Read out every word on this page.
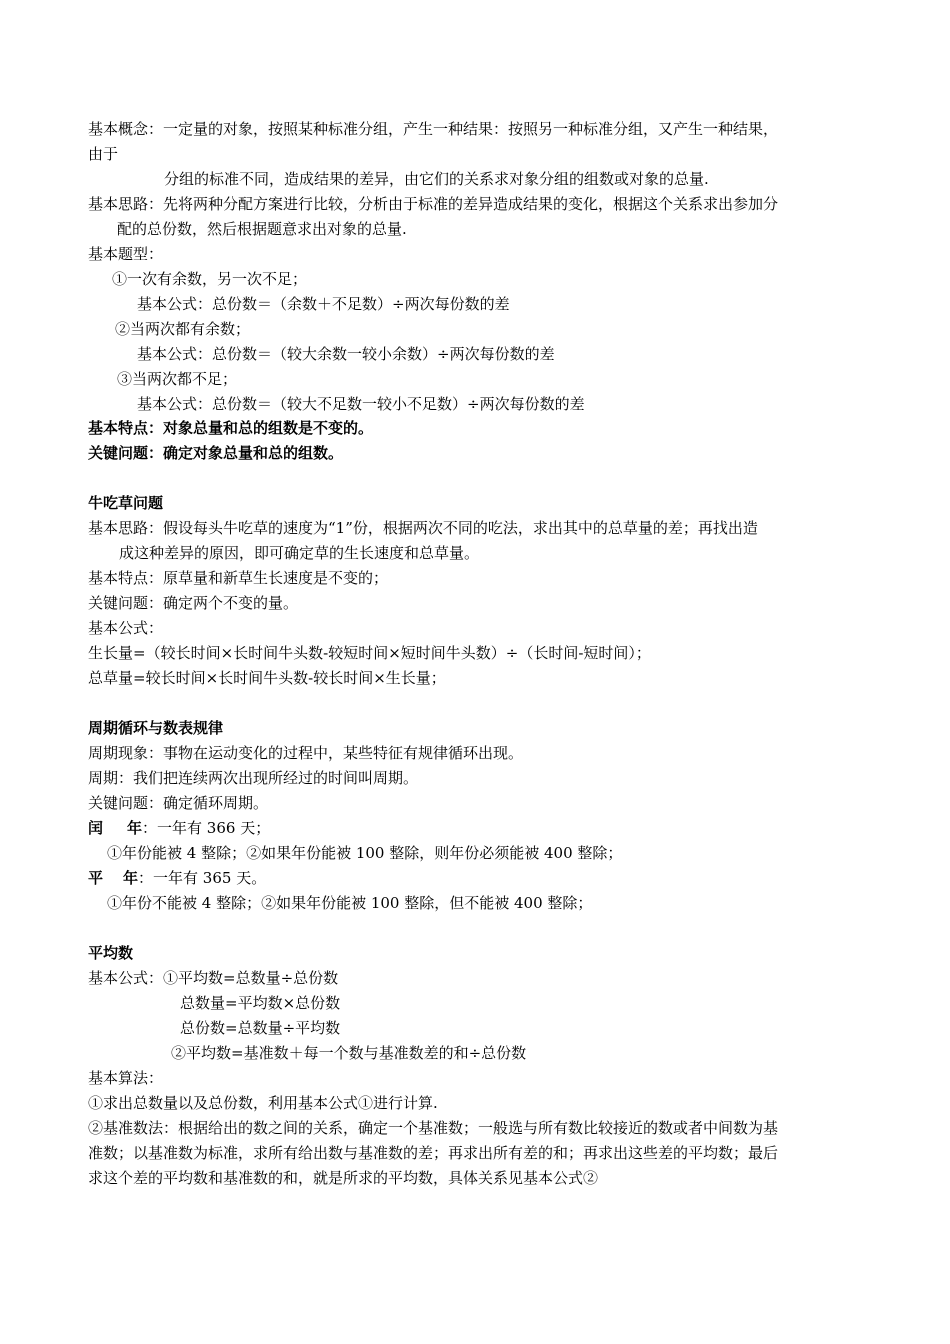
基本概念：一定量的对象，按照某种标准分组，产生一种结果：按照另一种标准分组，又产生一种结果，
由于
分组的标准不同，造成结果的差异，由它们的关系求对象分组的组数或对象的总量.
基本思路：先将两种分配方案进行比较，分析由于标准的差异造成结果的变化，根据这个关系求出参加分
配的总份数，然后根据题意求出对象的总量.
基本题型：
①一次有余数，另一次不足；
基本公式：总份数＝（余数＋不足数）÷两次每份数的差
②当两次都有余数；
基本公式：总份数＝（较大余数一较小余数）÷两次每份数的差
③当两次都不足；
基本公式：总份数＝（较大不足数一较小不足数）÷两次每份数的差
基本特点：对象总量和总的组数是不变的。
关键问题：确定对象总量和总的组数。
牛吃草问题
基本思路：假设每头牛吃草的速度为“1”份，根据两次不同的吃法，求出其中的总草量的差；再找出造
成这种差异的原因，即可确定草的生长速度和总草量。
基本特点：原草量和新草生长速度是不变的；
关键问题：确定两个不变的量。
基本公式：
生长量=（较长时间×长时间牛头数-较短时间×短时间牛头数）÷（长时间-短时间）；
总草量=较长时间×长时间牛头数-较长时间×生长量；
周期循环与数表规律
周期现象：事物在运动变化的过程中，某些特征有规律循环出现。
周期：我们把连续两次出现所经过的时间叫周期。
关键问题：确定循环周期。
闰 年：一年有 366 天；
①年份能被 4 整除；②如果年份能被 100 整除，则年份必须能被 400 整除；
平 年：一年有 365 天。
①年份不能被 4 整除；②如果年份能被 100 整除，但不能被 400 整除；
平均数
基本公式：①平均数=总数量÷总份数
总数量=平均数×总份数
总份数=总数量÷平均数
②平均数=基准数＋每一个数与基准数差的和÷总份数
基本算法：
①求出总数量以及总份数，利用基本公式①进行计算.
②基准数法：根据给出的数之间的关系，确定一个基准数；一般选与所有数比较接近的数或者中间数为基
准数；以基准数为标准，求所有给出数与基准数的差；再求出所有差的和；再求出这些差的平均数；最后
求这个差的平均数和基准数的和，就是所求的平均数，具体关系见基本公式②
